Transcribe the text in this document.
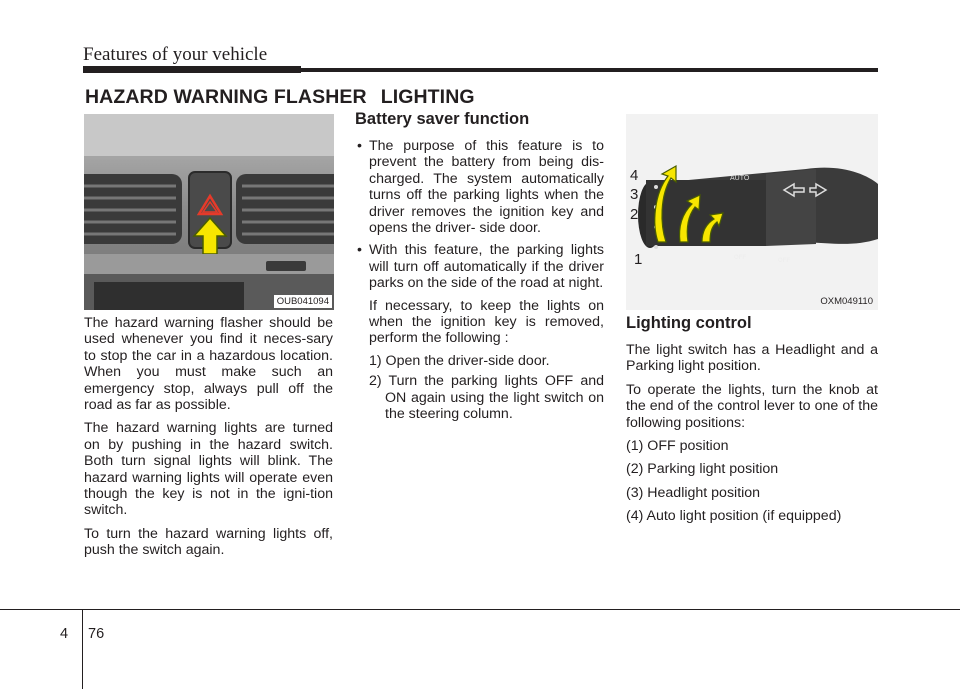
Features of your vehicle
HAZARD WARNING FLASHER LIGHTING
OUB041094

The hazard warning flasher should be used whenever you find it neces-sary to stop the car in a hazardous location. When you must make such an emergency stop, always pull off the road as far as possible.

The hazard warning lights are turned on by pushing in the hazard switch. Both turn signal lights will blink. The hazard warning lights will operate even though the key is not in the igni-tion switch.

To turn the hazard warning lights off, push the switch again.

Battery saver function
• The purpose of this feature is to prevent the battery from being dis-charged. The system automatically turns off the parking lights when the driver removes the ignition key and opens the driver- side door.
• With this feature, the parking lights will turn off automatically if the driver parks on the side of the road at night.
If necessary, to keep the lights on when the ignition key is removed, perform the following :
1) Open the driver-side door.
2) Turn the parking lights OFF and ON again using the light switch on the steering column.
4
3
2
1
AUTO
OFF	OFF
OXM049110
Lighting control

The light switch has a Headlight and a Parking light position.

To operate the lights, turn the knob at the end of the control lever to one of the following positions:

(1) OFF position

(2) Parking light position

(3) Headlight position

(4) Auto light position (if equipped)

4 76
